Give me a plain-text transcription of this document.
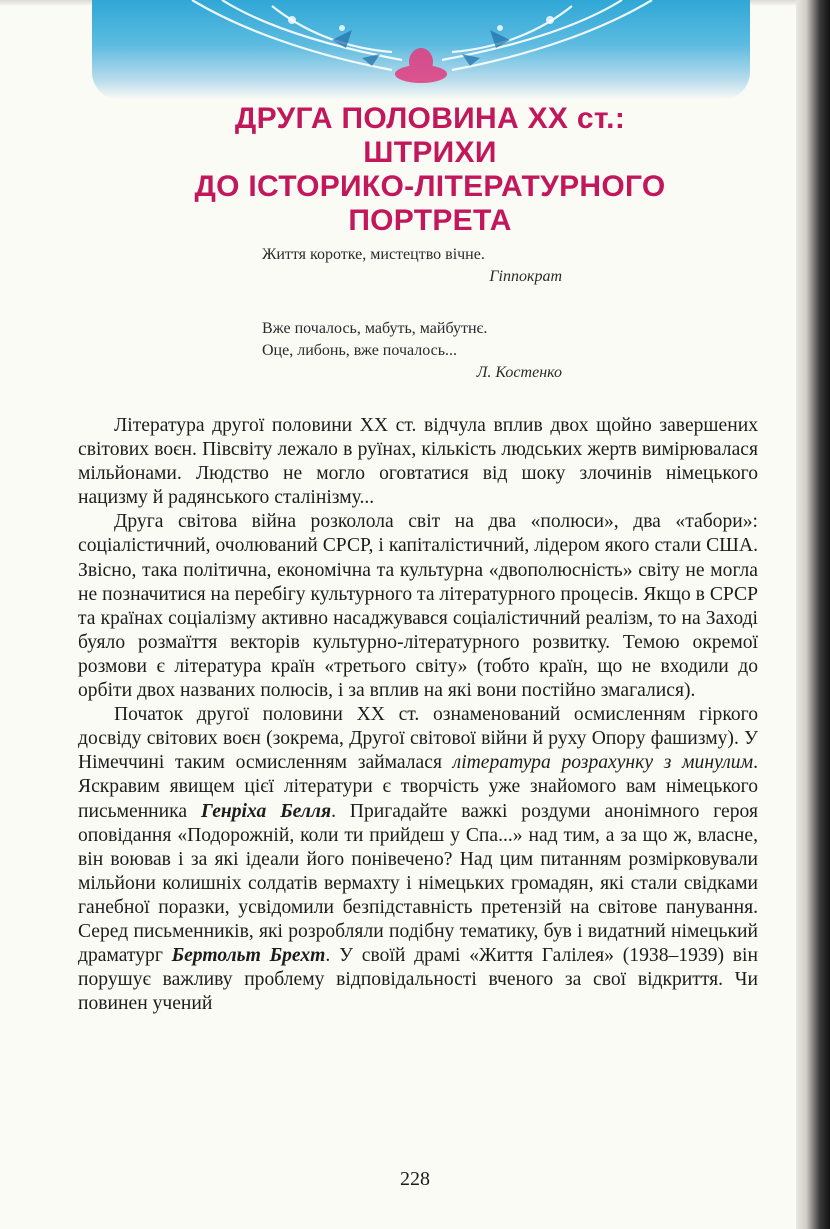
ДРУГА ПОЛОВИНА XX ст.:
ШТРИХИ
ДО ІСТОРИКО-ЛІТЕРАТУРНОГО
ПОРТРЕТА
Життя коротке, мистецтво вічне.
Гіппократ
Вже почалось, мабуть, майбутнє.
Оце, либонь, вже почалось...
Л. Костенко

Література другої половини XX ст. відчула вплив двох щойно завершених світових воєн. Півсвіту лежало в руїнах, кількість людських жертв вимірювалася мільйонами. Людство не могло оговтатися від шоку злочинів німецького нацизму й радянського сталінізму...

Друга світова війна розколола світ на два «полюси», два «табори»: соціалістичний, очолюваний СРСР, і капіталістичний, лідером якого стали США. Звісно, така політична, економічна та культурна «двополюсність» світу не могла не позначитися на перебігу культурного та літературного процесів. Якщо в СРСР та країнах соціалізму активно насаджувався соціалістичний реалізм, то на Заході буяло розмаїття векторів культурно-літературного розвитку. Темою окремої розмови є література країн «третього світу» (тобто країн, що не входили до орбіти двох названих полюсів, і за вплив на які вони постійно змагалися).

Початок другої половини XX ст. ознаменований осмисленням гіркого досвіду світових воєн (зокрема, Другої світової війни й руху Опору фашизму). У Німеччині таким осмисленням займалася література розрахунку з минулим. Яскравим явищем цієї літератури є творчість уже знайомого вам німецького письменника Генріха Белля. Пригадайте важкі роздуми анонімного героя оповідання «Подорожній, коли ти прийдеш у Спа...» над тим, а за що ж, власне, він воював і за які ідеали його понівечено? Над цим питанням розмірковували мільйони колишніх солдатів вермахту і німецьких громадян, які стали свідками ганебної поразки, усвідомили безпідставність претензій на світове панування. Серед письменників, які розробляли подібну тематику, був і видатний німецький драматург Бертольт Брехт. У своїй драмі «Життя Галілея» (1938–1939) він порушує важливу проблему відповідальності вченого за свої відкриття. Чи повинен учений

228
